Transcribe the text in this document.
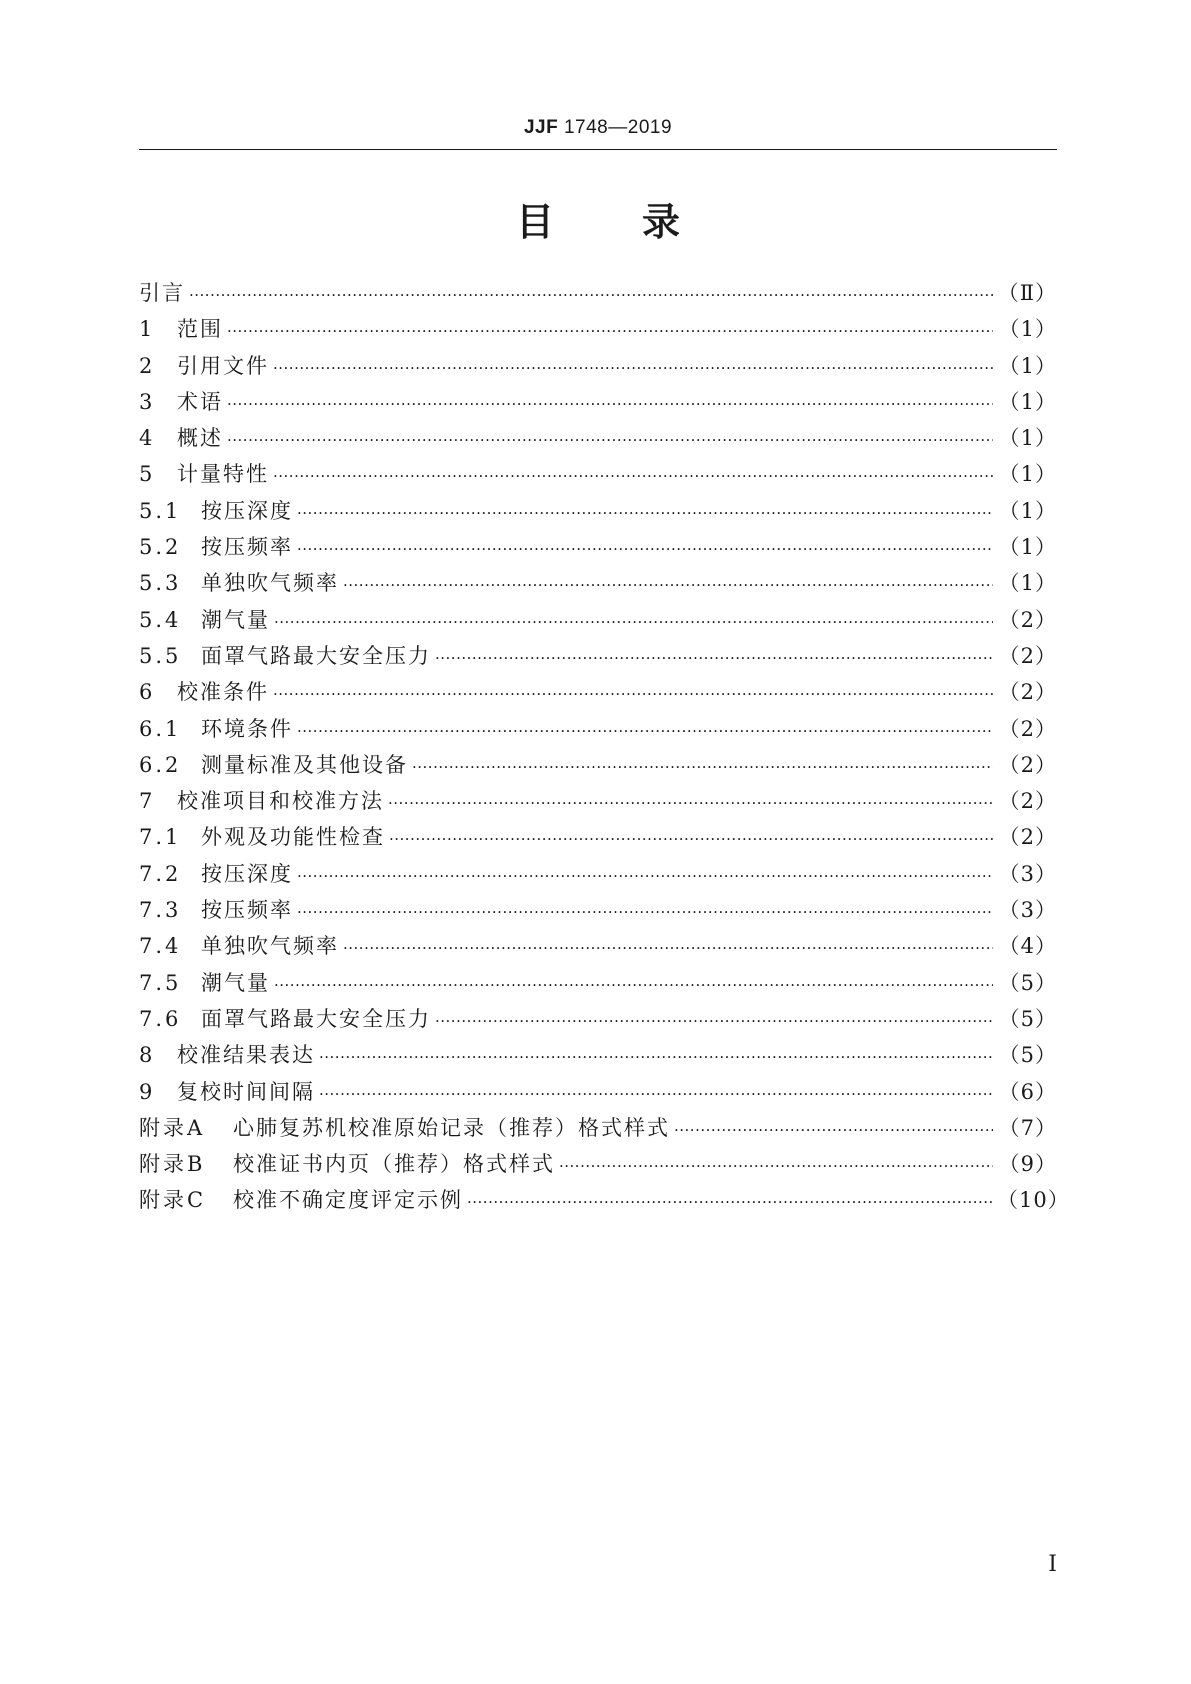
JJF 1748—2019
目录
引言 ·····	（Ⅱ）
1	范围 ·····	（1）
2	引用文件 ·····	（1）
3	术语 ·····	（1）
4	概述 ·····	（1）
5	计量特性 ·····	（1）
5.1 按压深度 ·····	（1）
5.2 按压频率 ·····	（1）
5.3 单独吹气频率 ·····	（1）
5.4 潮气量 ·····	（2）
5.5 面罩气路最大安全压力 ·····	（2）
6	校准条件 ·····	（2）
6.1 环境条件 ·····	（2）
6.2 测量标准及其他设备 ·····	（2）
7	校准项目和校准方法 ·····	（2）
7.1 外观及功能性检查 ·····	（2）
7.2 按压深度 ·····	（3）
7.3 按压频率 ·····	（3）
7.4 单独吹气频率 ·····	（4）
7.5 潮气量 ·····	（5）
7.6 面罩气路最大安全压力 ·····	（5）
8	校准结果表达 ·····	（5）
9	复校时间间隔 ·····	（6）
附录A	心肺复苏机校准原始记录（推荐）格式样式 ·····	（7）
附录B	校准证书内页（推荐）格式样式 ·····	（9）
附录C	校准不确定度评定示例 ·····	（10）
Ⅰ
